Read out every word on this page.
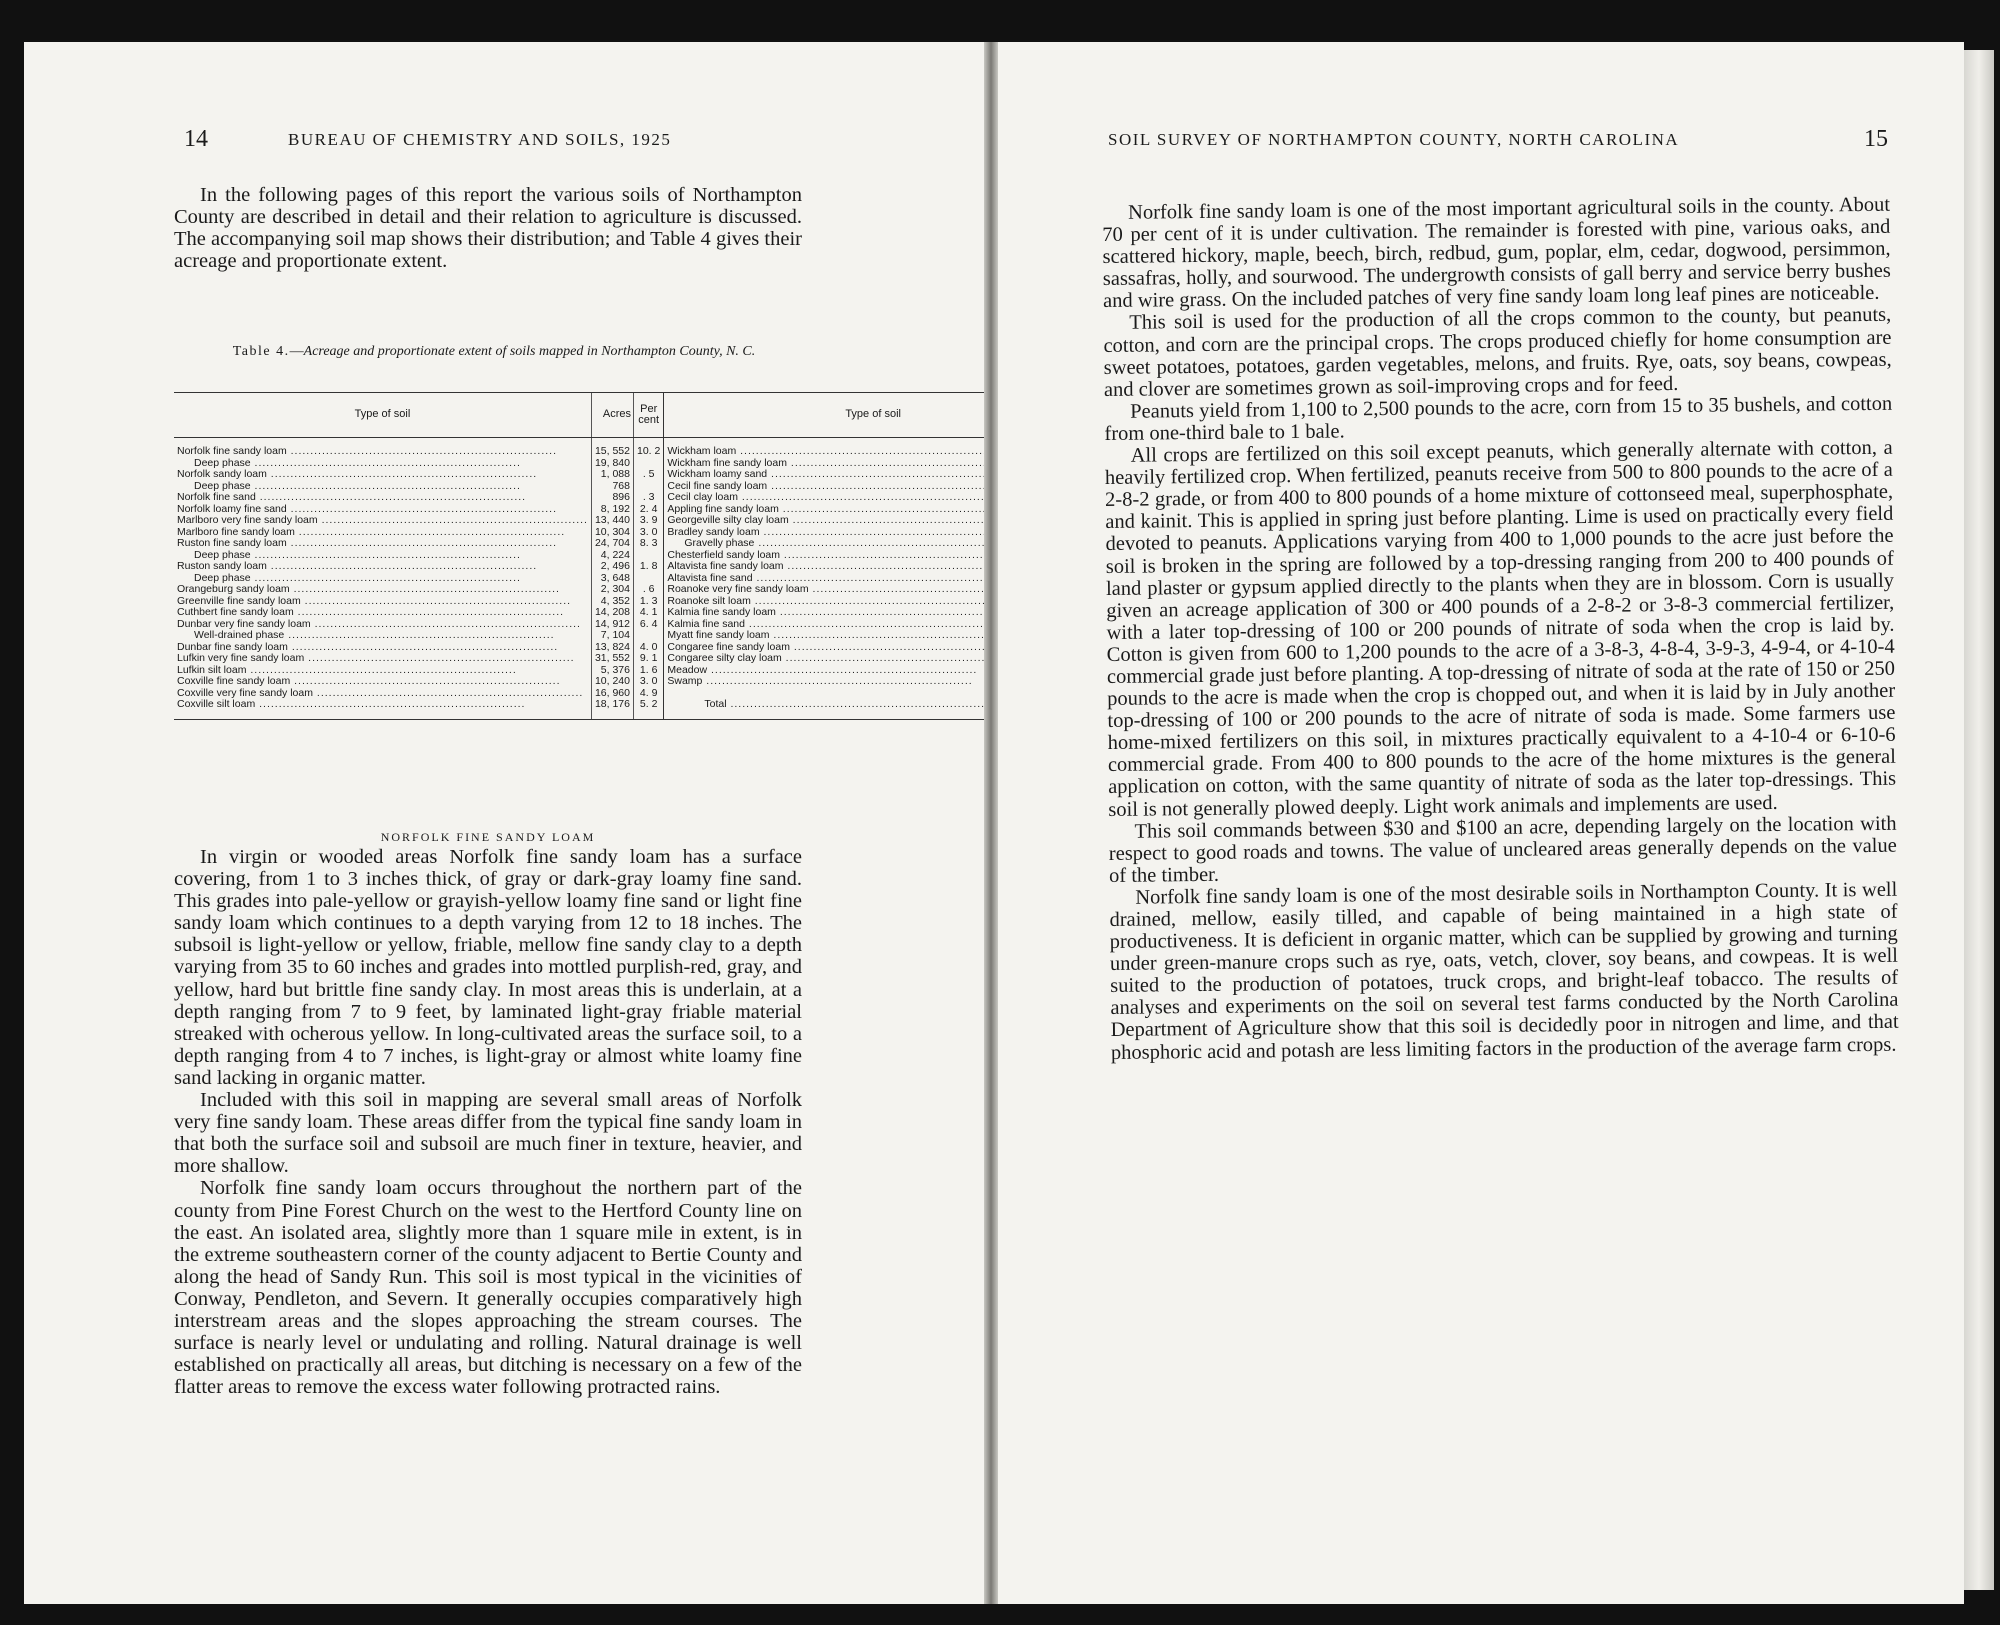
14	BUREAU OF CHEMISTRY AND SOILS, 1925

In the following pages of this report the various soils of Northampton County are described in detail and their relation to agriculture is discussed. The accompanying soil map shows their distribution; and Table 4 gives their acreage and proportionate extent.

Table 4.—Acreage and proportionate extent of soils mapped in Northampton County, N. C.
Type of soil	Acres	Per cent	Type of soil		
Norfolk fine sandy loam .....	15, 552	10. 2	Wickham loam .....		
Deep phase .....	19, 840		Wickham fine sandy loam .....		
Norfolk sandy loam .....	1, 088	. 5	Wickham loamy sand .....		
Deep phase .....	768		Cecil fine sandy loam .....		
Norfolk fine sand .....	896	. 3	Cecil clay loam .....		
Norfolk loamy fine sand .....	8, 192	2. 4	Appling fine sandy loam .....		
Marlboro very fine sandy loam .....	13, 440	3. 9	Georgeville silty clay loam .....		
Marlboro fine sandy loam .....	10, 304	3. 0	Bradley sandy loam .....		
Ruston fine sandy loam .....	24, 704	8. 3	Gravelly phase .....		
Deep phase .....	4, 224		Chesterfield sandy loam .....		
Ruston sandy loam .....	2, 496	1. 8	Altavista fine sandy loam .....		
Deep phase .....	3, 648		Altavista fine sand .....		
Orangeburg sandy loam .....	2, 304	. 6	Roanoke very fine sandy loam .....		
Greenville fine sandy loam .....	4, 352	1. 3	Roanoke silt loam .....		
Cuthbert fine sandy loam .....	14, 208	4. 1	Kalmia fine sandy loam .....		
Dunbar very fine sandy loam .....	14, 912	6. 4	Kalmia fine sand .....		
Well-drained phase .....	7, 104		Myatt fine sandy loam .....		
Dunbar fine sandy loam .....	13, 824	4. 0	Congaree fine sandy loam .....		
Lufkin very fine sandy loam .....	31, 552	9. 1	Congaree silty clay loam .....		
Lufkin silt loam .....	5, 376	1. 6	Meadow .....		
Coxville fine sandy loam .....	10, 240	3. 0	Swamp .....		
Coxville very fine sandy loam .....	16, 960	4. 9			
Coxville silt loam .....	18, 176	5. 2	Total .....		
NORFOLK FINE SANDY LOAM

In virgin or wooded areas Norfolk fine sandy loam has a surface covering, from 1 to 3 inches thick, of gray or dark-gray loamy fine sand. This grades into pale-yellow or grayish-yellow loamy fine sand or light fine sandy loam which continues to a depth varying from 12 to 18 inches. The subsoil is light-yellow or yellow, friable, mellow fine sandy clay to a depth varying from 35 to 60 inches and grades into mottled purplish-red, gray, and yellow, hard but brittle fine sandy clay. In most areas this is underlain, at a depth ranging from 7 to 9 feet, by laminated light-gray friable material streaked with ocherous yellow. In long-cultivated areas the surface soil, to a depth ranging from 4 to 7 inches, is light-gray or almost white loamy fine sand lacking in organic matter.

Included with this soil in mapping are several small areas of Norfolk very fine sandy loam. These areas differ from the typical fine sandy loam in that both the surface soil and subsoil are much finer in texture, heavier, and more shallow.

Norfolk fine sandy loam occurs throughout the northern part of the county from Pine Forest Church on the west to the Hertford County line on the east. An isolated area, slightly more than 1 square mile in extent, is in the extreme southeastern corner of the county adjacent to Bertie County and along the head of Sandy Run. This soil is most typical in the vicinities of Conway, Pendleton, and Severn. It generally occupies comparatively high interstream areas and the slopes approaching the stream courses. The surface is nearly level or undulating and rolling. Natural drainage is well established on practically all areas, but ditching is necessary on a few of the flatter areas to remove the excess water following protracted rains.

SOIL SURVEY OF NORTHAMPTON COUNTY, NORTH CAROLINA	15

Norfolk fine sandy loam is one of the most important agricultural soils in the county. About 70 per cent of it is under cultivation. The remainder is forested with pine, various oaks, and scattered hickory, maple, beech, birch, redbud, gum, poplar, elm, cedar, dogwood, persimmon, sassafras, holly, and sourwood. The undergrowth consists of gall berry and service berry bushes and wire grass. On the included patches of very fine sandy loam long leaf pines are noticeable.

This soil is used for the production of all the crops common to the county, but peanuts, cotton, and corn are the principal crops. The crops produced chiefly for home consumption are sweet potatoes, potatoes, garden vegetables, melons, and fruits. Rye, oats, soy beans, cowpeas, and clover are sometimes grown as soil-improving crops and for feed.

Peanuts yield from 1,100 to 2,500 pounds to the acre, corn from 15 to 35 bushels, and cotton from one-third bale to 1 bale.

All crops are fertilized on this soil except peanuts, which generally alternate with cotton, a heavily fertilized crop. When fertilized, peanuts receive from 500 to 800 pounds to the acre of a 2-8-2 grade, or from 400 to 800 pounds of a home mixture of cottonseed meal, superphosphate, and kainit. This is applied in spring just before planting. Lime is used on practically every field devoted to peanuts. Applications varying from 400 to 1,000 pounds to the acre just before the soil is broken in the spring are followed by a top-dressing ranging from 200 to 400 pounds of land plaster or gypsum applied directly to the plants when they are in blossom. Corn is usually given an acreage application of 300 or 400 pounds of a 2-8-2 or 3-8-3 commercial fertilizer, with a later top-dressing of 100 or 200 pounds of nitrate of soda when the crop is laid by. Cotton is given from 600 to 1,200 pounds to the acre of a 3-8-3, 4-8-4, 3-9-3, 4-9-4, or 4-10-4 commercial grade just before planting. A top-dressing of nitrate of soda at the rate of 150 or 250 pounds to the acre is made when the crop is chopped out, and when it is laid by in July another top-dressing of 100 or 200 pounds to the acre of nitrate of soda is made. Some farmers use home-mixed fertilizers on this soil, in mixtures practically equivalent to a 4-10-4 or 6-10-6 commercial grade. From 400 to 800 pounds to the acre of the home mixtures is the general application on cotton, with the same quantity of nitrate of soda as the later top-dressings. This soil is not generally plowed deeply. Light work animals and implements are used.

This soil commands between $30 and $100 an acre, depending largely on the location with respect to good roads and towns. The value of uncleared areas generally depends on the value of the timber.

Norfolk fine sandy loam is one of the most desirable soils in Northampton County. It is well drained, mellow, easily tilled, and capable of being maintained in a high state of productiveness. It is deficient in organic matter, which can be supplied by growing and turning under green-manure crops such as rye, oats, vetch, clover, soy beans, and cowpeas. It is well suited to the production of potatoes, truck crops, and bright-leaf tobacco. The results of analyses and experiments on the soil on several test farms conducted by the North Carolina Department of Agriculture show that this soil is decidedly poor in nitrogen and lime, and that phosphoric acid and potash are less limiting factors in the production of the average farm crops.
